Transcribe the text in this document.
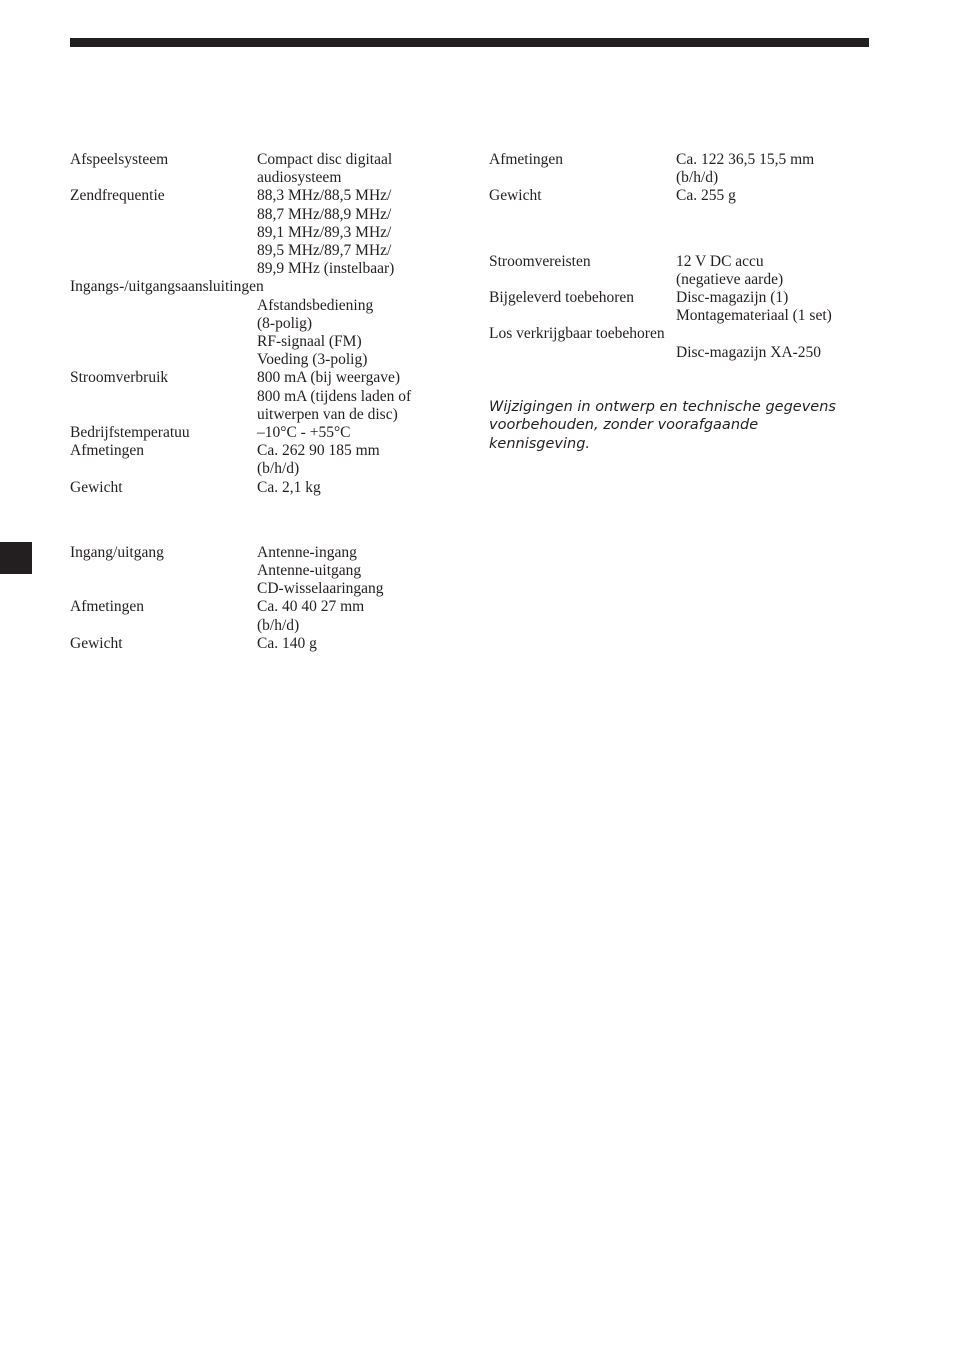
Afspeelsysteem	Compact disc digitaal
audiosysteem
Zendfrequentie	88,3 MHz/88,5 MHz/
88,7 MHz/88,9 MHz/
89,1 MHz/89,3 MHz/
89,5 MHz/89,7 MHz/
89,9 MHz (instelbaar)
Ingangs-/uitgangsaansluitingen
Afstandsbediening
(8-polig)
RF-signaal (FM)
Voeding (3-polig)
Stroomverbruik	800 mA (bij weergave)
800 mA (tijdens laden of
uitwerpen van de disc)
Bedrijfstemperatuu	–10°C - +55°C
Afmetingen	Ca. 262 90 185 mm
(b/h/d)
Gewicht	Ca. 2,1 kg
Ingang/uitgang	Antenne-ingang
Antenne-uitgang
CD-wisselaaringang
Afmetingen	Ca. 40 40 27 mm
(b/h/d)
Gewicht	Ca. 140 g
Afmetingen	Ca. 122 36,5 15,5 mm
(b/h/d)
Gewicht	Ca. 255 g
Stroomvereisten	12 V DC accu
(negatieve aarde)
Bijgeleverd toebehoren	Disc-magazijn (1)
Montagemateriaal (1 set)
Los verkrijgbaar toebehoren
Disc-magazijn XA-250
Wijzigingen in ontwerp en technische gegevens
voorbehouden, zonder voorafgaande
kennisgeving.
